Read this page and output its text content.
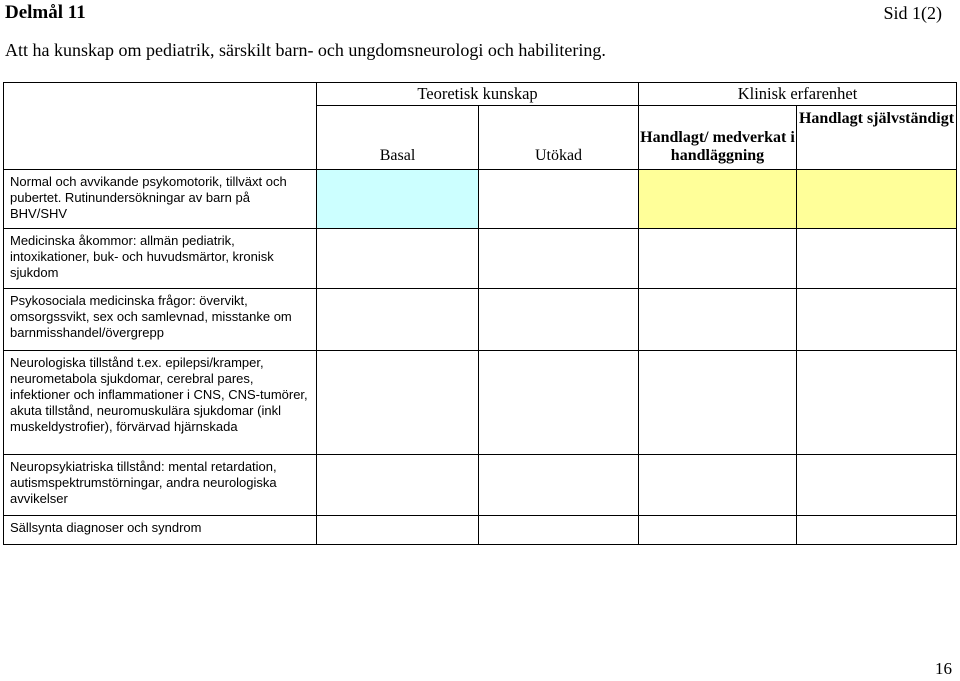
Delmål 11	Sid 1(2)
Att ha kunskap om pediatrik, särskilt barn- och ungdomsneurologi och habilitering.
	Teoretisk kunskap		Klinisk erfarenhet	
	Basal	Utökad	Handlagt/ medverkat i handläggning	Handlagt självständigt
Normal och avvikande psykomotorik, tillväxt och pubertet. Rutinundersökningar av barn på BHV/SHV				
Medicinska åkommor: allmän pediatrik, intoxikationer, buk- och huvudsmärtor, kronisk sjukdom				
Psykosociala medicinska frågor: övervikt, omsorgssvikt, sex och samlevnad, misstanke om barnmisshandel/övergrepp				
Neurologiska tillstånd t.ex. epilepsi/kramper, neurometabola sjukdomar, cerebral pares, infektioner och inflammationer i CNS, CNS-tumörer, akuta tillstånd, neuromuskulära sjukdomar (inkl muskeldystrofier), förvärvad hjärnskada				
Neuropsykiatriska tillstånd: mental retardation, autismspektrumstörningar, andra neurologiska avvikelser				
Sällsynta diagnoser och syndrom				
16
